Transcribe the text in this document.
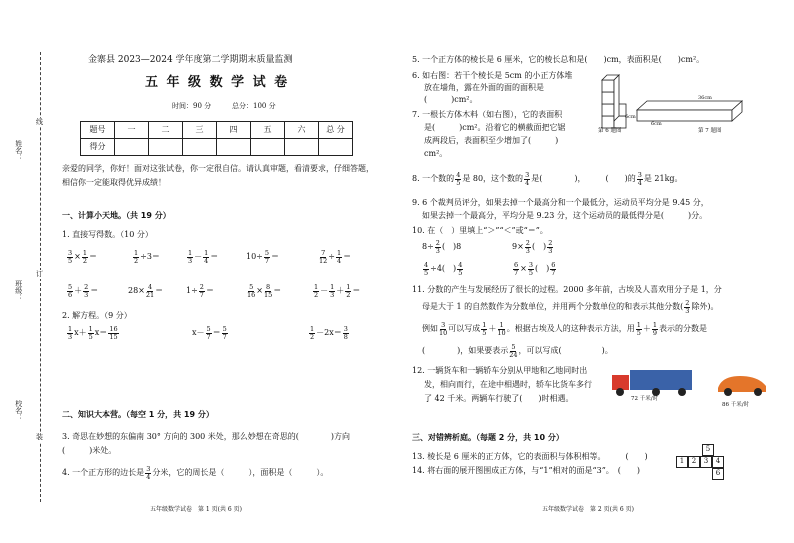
姓名：
班级：
校名：
线
订
装
金寨县 2023—2024 学年度第二学期期末质量监测
五 年 级 数 学 试 卷
时间：90 分	总分：100 分
题号	一	二	三	四	五	六	总 分
得分							
亲爱的同学，你好！面对这张试卷，你一定很自信。请认真审题，看清要求，仔细答题，相信你一定能取得优异成绩！
一、计算小天地。（共 19 分）
1. 直接写得数。（10 分）
$\frac{3}{5} \times \frac{1}{2}$ ＝	$\frac{1}{2} \div 3=$	$\frac{1}{3} - \frac{1}{4}$ ＝	$10\div \frac{5}{7}$ ＝	$\frac{7}{12} \div \frac{1}{4}$ ＝
$\frac{5}{6} + \frac{2}{3}$ ＝	$28\times \frac{4}{21}$ ＝	$1\div \frac{2}{7}$ ＝	$\frac{5}{16} \times \frac{8}{15}$ ＝	$\frac{1}{2} - \frac{1}{3} + \frac{1}{2}$ ＝
2. 解方程。（9 分）
$\frac{1}{3} x+ \frac{1}{5} x= \frac{16}{15}$	$x- \frac{5}{7} = \frac{5}{7}$	$\frac{1}{2} -2x= \frac{3}{8}$
二、知识大本营。（每空 1 分，共 19 分）
3. 奇思在妙想的东偏南 30° 方向的 300 米处，那么妙想在奇思的(　　　　)方向
(　　　)米处。
4. 一个正方形的边长是 $\frac{3}{4}$ 分米，它的周长是（　　　），面积是（　　　）。
五年级数学试卷　第 1 页(共 6 页)
5. 一个正方体的棱长是 6 厘米，它的棱长总和是(　　)cm，表面积是(　　)cm²。
6. 如右图：若干个棱长是 5cm 的小正方体堆
放在墙角，露在外面的面的面积是
(　　　)cm²。
7. 一根长方体木料（如右图），它的表面积
是(　　　)cm²。沿着它的横截面把它锯
成两段后，表面积至少增加了(　　　)
cm²。
第 6 题图	第 7 题图
6cm
6cm
36cm
8. 一个数的 $\frac{4}{5}$ 是 80，这个数的 $\frac{3}{4}$ 是(　　　　)，　　　	(　　)的 $\frac{3}{4}$ 是 21kg。
9. 6 个裁判员评分，如果去掉一个最高分和一个最低分，运动员平均分是 9.45 分，
如果去掉一个最高分，平均分是 9.23 分，这个运动员的最低得分是(　　　)分。
10. 在（　）里填上“＞”“＜”或“＝”。
$8\div \frac{2}{3}$ (　)8	$9\times \frac{2}{3}$ (　) $\frac{2}{3}$
$\frac{4}{5} \div 4$(　) $\frac{4}{5}$	$\frac{6}{7} \times \frac{3}{5}$ (　) $\frac{6}{7}$
11. 分数的产生与发展经历了很长的过程。2000 多年前，古埃及人喜欢用分子是 1，分
母是大于 1 的自然数作为分数单位，并用两个分数单位的和表示其他分数( $\frac{2}{3}$ 除外)。
例如 $\frac{3}{10}$ 可以写成 $\frac{1}{5} + \frac{1}{10}$ 。根据古埃及人的这种表示方法，用 $\frac{1}{5} + \frac{1}{9}$ 表示的分数是
(　　　　)，如果要表示 $\frac{5}{24}$ ，可以写成(　　　　　)。
12. 一辆货车和一辆轿车分别从甲地和乙地同时出
发，相向而行，在途中相遇时，轿车比货车多行
了 42 千米。两辆车行驶了(　　)时相遇。	72 千米/时
86 千米/时
三、对错辨析庭。（每题 2 分，共 10 分）
13. 棱长是 6 厘米的正方体，它的表面积与体积相等。　　　(　　)
14. 将右面的展开图围成正方体，与“1”相对的面是“3”。　(　　)
5
1	2	3	4
6
五年级数学试卷　第 2 页(共 6 页)
